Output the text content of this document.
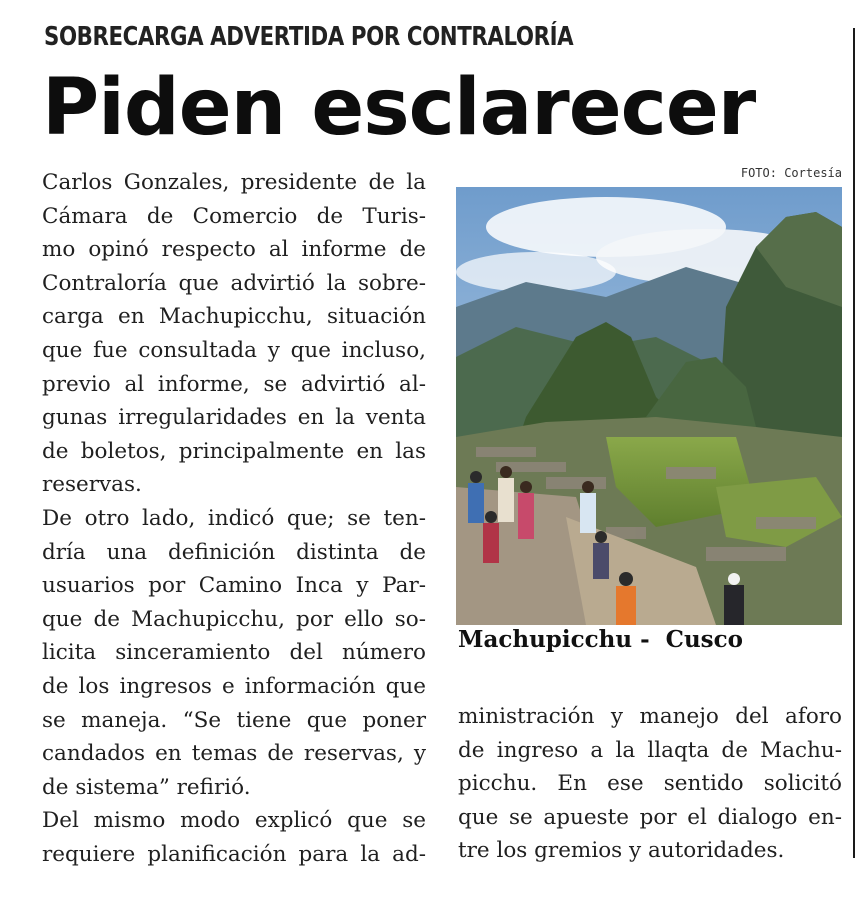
SOBRECARGA ADVERTIDA POR CONTRALORÍA
Piden esclarecer
Carlos Gonzales, presidente de la
Cámara de Comercio de Turis-
mo opinó respecto al informe de
Contraloría que advirtió la sobre-
carga en Machupicchu, situación
que fue consultada y que incluso,
previo al informe, se advirtió al-
gunas irregularidades en la venta
de boletos, principalmente en las
reservas.
De otro lado, indicó que; se ten-
dría una definición distinta de
usuarios por Camino Inca y Par-
que de Machupicchu, por ello so-
licita sinceramiento del número
de los ingresos e información que
se maneja. “Se tiene que poner
candados en temas de reservas, y
de sistema” refirió.
Del mismo modo explicó que se
requiere planificación para la ad-
FOTO: Cortesía
Machupicchu -  Cusco
ministración y manejo del aforo
de ingreso a la llaqta de Machu-
picchu. En ese sentido solicitó
que se apueste por el dialogo en-
tre los gremios y autoridades.
